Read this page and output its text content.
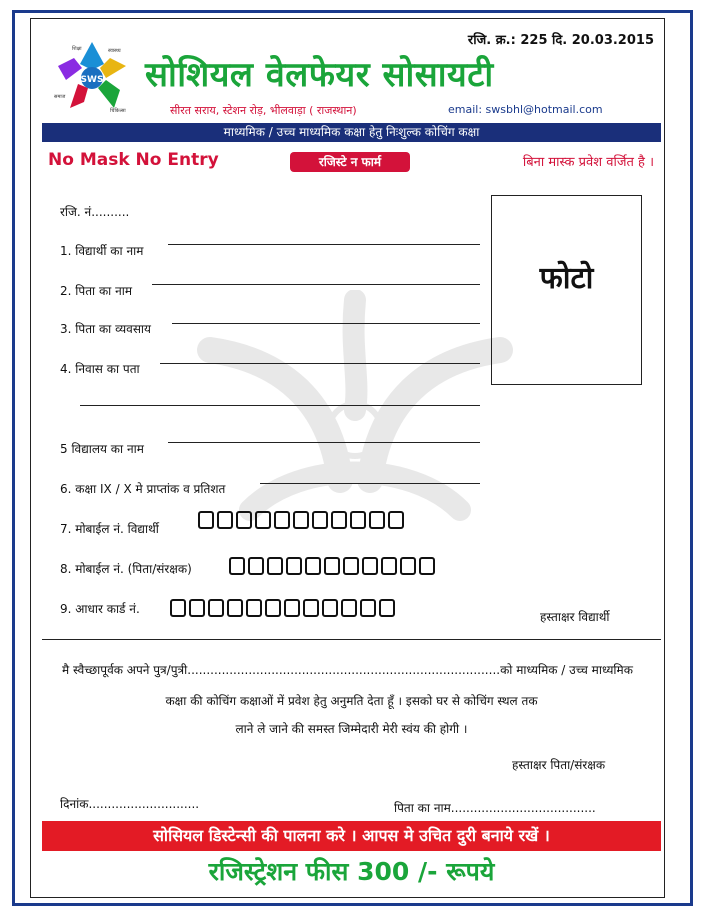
रजि. क्र.: 225 दि. 20.03.2015
SWS
शिक्षा	स्वास्थ्य
चिकित्सा
समाज
सोशियल वेलफेयर सोसायटी
सीरत सराय, स्टेशन रोड़, भीलवाड़ा ( राजस्थान)	email: swsbhl@hotmail.com
माध्यमिक / उच्च माध्यमिक कक्षा हेतु निःशुल्क कोचिंग कक्षा
No Mask No Entry	रजिस्टे न फार्म	बिना मास्क प्रवेश वर्जित है ।
फोटो
रजि. नं..........
1. विद्यार्थी का नाम
2. पिता का नाम
3. पिता का व्यवसाय
4. निवास का पता
5 विद्यालय का नाम
6. कक्षा IX / X मे प्राप्तांक व प्रतिशत
7. मोबाईल नं. विद्यार्थी
8. मोबाईल नं. (पिता/संरक्षक)
9. आधार कार्ड नं.
हस्ताक्षर विद्यार्थी
मै स्वैच्छापूर्वक अपने पुत्र/पुत्री..................................................................................को माध्यमिक / उच्च माध्यमिक
कक्षा की कोचिंग कक्षाओं में प्रवेश हेतु अनुमति देता हूँ । इसको घर से कोचिंग स्थल तक
लाने ले जाने की समस्त जिम्मेदारी मेरी स्वंय की होगी ।
हस्ताक्षर पिता/संरक्षक
दिनांक.............................	पिता का नाम......................................
सोसियल डिस्टेन्सी की पालना करे । आपस मे उचित दुरी बनाये रखें ।
रजिस्ट्रेशन फीस 300 /- रूपये
